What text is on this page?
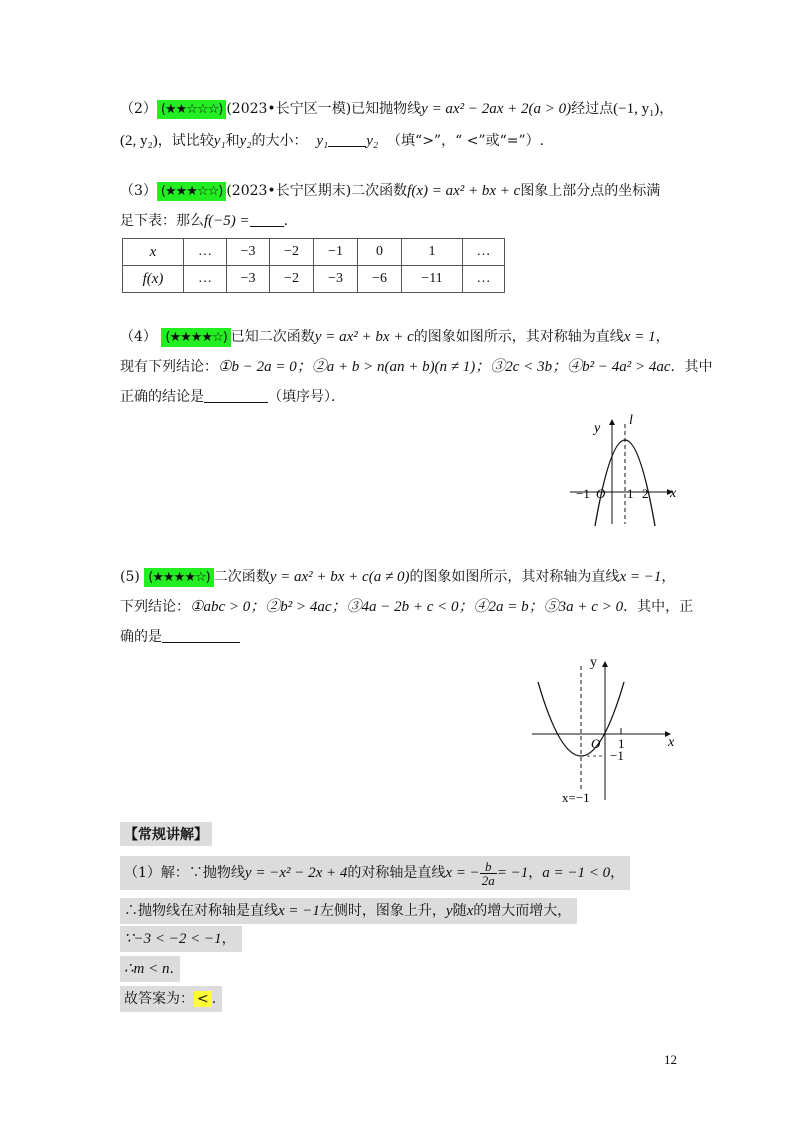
（2） (★★☆☆☆) (2023•长宁区一模)已知抛物线y = ax² − 2ax + 2(a > 0)经过点(−1, y₁)，
(2, y₂)，试比较y₁和y₂的大小： y₁	y₂ （填“>”，“ <”或“=”）.
（3） (★★★☆☆) (2023•长宁区期末)二次函数f(x) = ax² + bx + c图象上部分点的坐标满
足下表：那么f(−5) = .
x	…	−3	−2	−1	0	1	…
f(x)	…	−3	−2	−3	−6	−11	…
（4） (★★★★☆) 已知二次函数y = ax² + bx + c的图象如图所示，其对称轴为直线x = 1，
现有下列结论：①b − 2a = 0；②a + b > n(an + b)(n ≠ 1)；③2c < 3b；④b² − 4a² > 4ac．其中
正确的结论是	（填序号）．
y
l
x
−1 O 1 2
(5) (★★★★☆) 二次函数y = ax² + bx + c(a ≠ 0)的图象如图所示，其对称轴为直线x = −1，
下列结论：①abc > 0；②b² > 4ac；③4a − 2b + c < 0；④2a = b；⑤3a + c > 0．其中，正
确的是
y
x
O 1
−1
x=−1
【常规讲解】
（1）解：∵抛物线y = −x² − 2x + 4的对称轴是直线x = − $\frac{b}{2a} = -1$，a = −1 < 0，
∴抛物线在对称轴是直线x = −1左侧时，图象上升，y随x的增大而增大，
∵−3 < −2 < −1，
∴m < n.
故答案为： < .
12
